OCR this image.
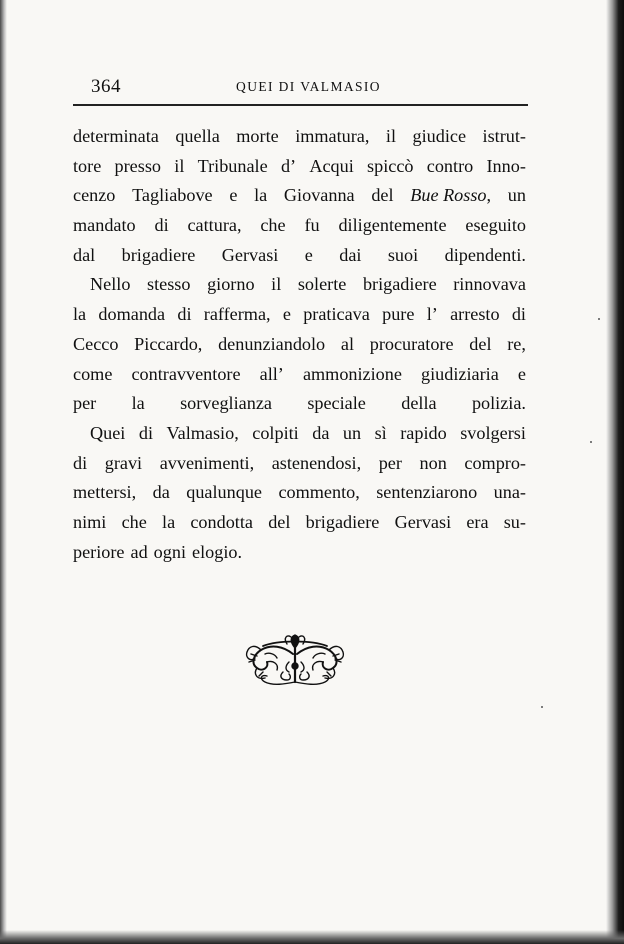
364	QUEI DI VALMASIO
determinata quella morte immatura, il giudice istrut-
tore presso il Tribunale d’ Acqui spiccò contro Inno-
cenzo Tagliabove e la Giovanna del Bue Rosso, un
mandato di cattura, che fu diligentemente eseguito
dal brigadiere Gervasi e dai suoi dipendenti.
Nello stesso giorno il solerte brigadiere rinnovava
la domanda di rafferma, e praticava pure l’ arresto di
Cecco Piccardo, denunziandolo al procuratore del re,
come contravventore all’ ammonizione giudiziaria e
per la sorveglianza speciale della polizia.
Quei di Valmasio, colpiti da un sì rapido svolgersi
di gravi avvenimenti, astenendosi, per non compro-
mettersi, da qualunque commento, sentenziarono una-
nimi che la condotta del brigadiere Gervasi era su-
periore ad ogni elogio.
